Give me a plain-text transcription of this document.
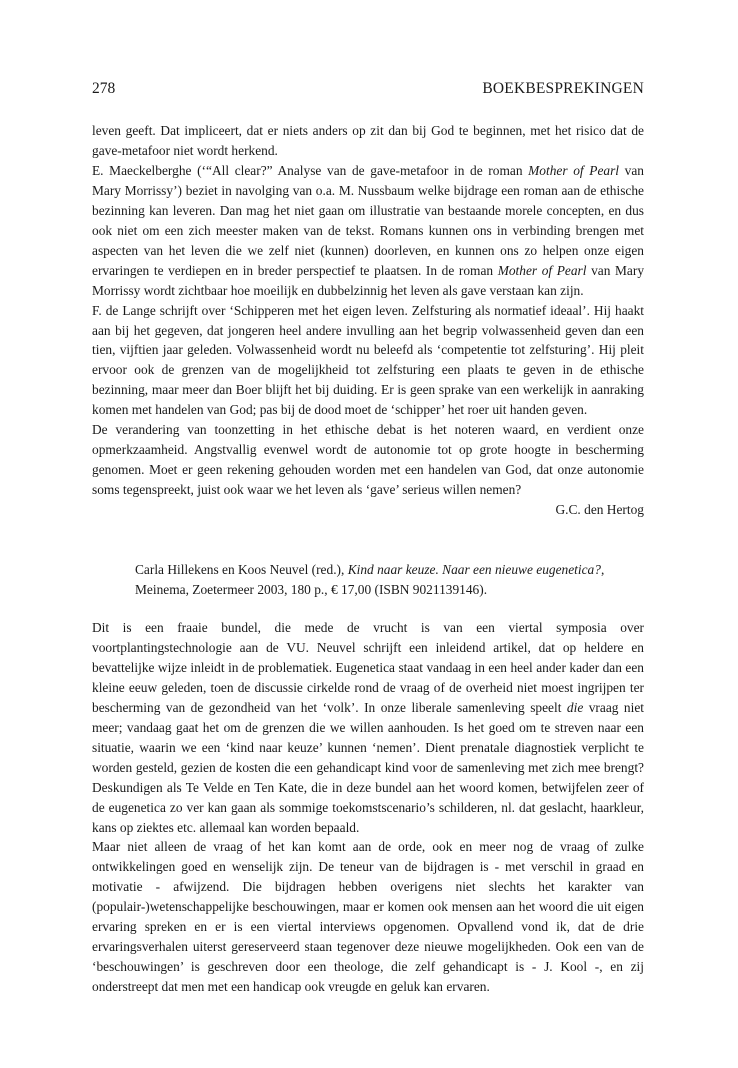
278	BOEKBESPREKINGEN

leven geeft. Dat impliceert, dat er niets anders op zit dan bij God te beginnen, met het risico dat de gave-metafoor niet wordt herkend.

E. Maeckelberghe (‘“All clear?” Analyse van de gave-metafoor in de roman Mother of Pearl van Mary Morrissy’) beziet in navolging van o.a. M. Nussbaum welke bijdrage een roman aan de ethische bezinning kan leveren. Dan mag het niet gaan om illustratie van bestaande morele concepten, en dus ook niet om een zich meester maken van de tekst. Romans kunnen ons in verbinding brengen met aspecten van het leven die we zelf niet (kunnen) doorleven, en kunnen ons zo helpen onze eigen ervaringen te verdiepen en in breder perspectief te plaatsen. In de roman Mother of Pearl van Mary Morrissy wordt zichtbaar hoe moeilijk en dubbelzinnig het leven als gave verstaan kan zijn.

F. de Lange schrijft over ‘Schipperen met het eigen leven. Zelfsturing als normatief ideaal’. Hij haakt aan bij het gegeven, dat jongeren heel andere invulling aan het begrip volwassenheid geven dan een tien, vijftien jaar geleden. Volwassenheid wordt nu beleefd als ‘competentie tot zelfsturing’. Hij pleit ervoor ook de grenzen van de mogelijkheid tot zelfsturing een plaats te geven in de ethische bezinning, maar meer dan Boer blijft het bij duiding. Er is geen sprake van een werkelijk in aanraking komen met handelen van God; pas bij de dood moet de ‘schipper’ het roer uit handen geven.

De verandering van toonzetting in het ethische debat is het noteren waard, en verdient onze opmerkzaamheid. Angstvallig evenwel wordt de autonomie tot op grote hoogte in bescherming genomen. Moet er geen rekening gehouden worden met een handelen van God, dat onze autonomie soms tegenspreekt, juist ook waar we het leven als ‘gave’ serieus willen nemen?

G.C. den Hertog

Carla Hillekens en Koos Neuvel (red.), Kind naar keuze. Naar een nieuwe eugenetica?, Meinema, Zoetermeer 2003, 180 p., € 17,00 (ISBN 9021139146).

Dit is een fraaie bundel, die mede de vrucht is van een viertal symposia over voortplantingstechnologie aan de VU. Neuvel schrijft een inleidend artikel, dat op heldere en bevattelijke wijze inleidt in de problematiek. Eugenetica staat vandaag in een heel ander kader dan een kleine eeuw geleden, toen de discussie cirkelde rond de vraag of de overheid niet moest ingrijpen ter bescherming van de gezondheid van het ‘volk’. In onze liberale samenleving speelt die vraag niet meer; vandaag gaat het om de grenzen die we willen aanhouden. Is het goed om te streven naar een situatie, waarin we een ‘kind naar keuze’ kunnen ‘nemen’. Dient prenatale diagnostiek verplicht te worden gesteld, gezien de kosten die een gehandicapt kind voor de samenleving met zich mee brengt? Deskundigen als Te Velde en Ten Kate, die in deze bundel aan het woord komen, betwijfelen zeer of de eugenetica zo ver kan gaan als sommige toekomstscenario’s schilderen, nl. dat geslacht, haarkleur, kans op ziektes etc. allemaal kan worden bepaald.

Maar niet alleen de vraag of het kan komt aan de orde, ook en meer nog de vraag of zulke ontwikkelingen goed en wenselijk zijn. De teneur van de bijdragen is - met verschil in graad en motivatie - afwijzend. Die bijdragen hebben overigens niet slechts het karakter van (populair-)wetenschappelijke beschouwingen, maar er komen ook mensen aan het woord die uit eigen ervaring spreken en er is een viertal interviews opgenomen. Opvallend vond ik, dat de drie ervaringsverhalen uiterst gereserveerd staan tegenover deze nieuwe mogelijkheden. Ook een van de ‘beschouwingen’ is geschreven door een theologe, die zelf gehandicapt is - J. Kool -, en zij onderstreept dat men met een handicap ook vreugde en geluk kan ervaren.
